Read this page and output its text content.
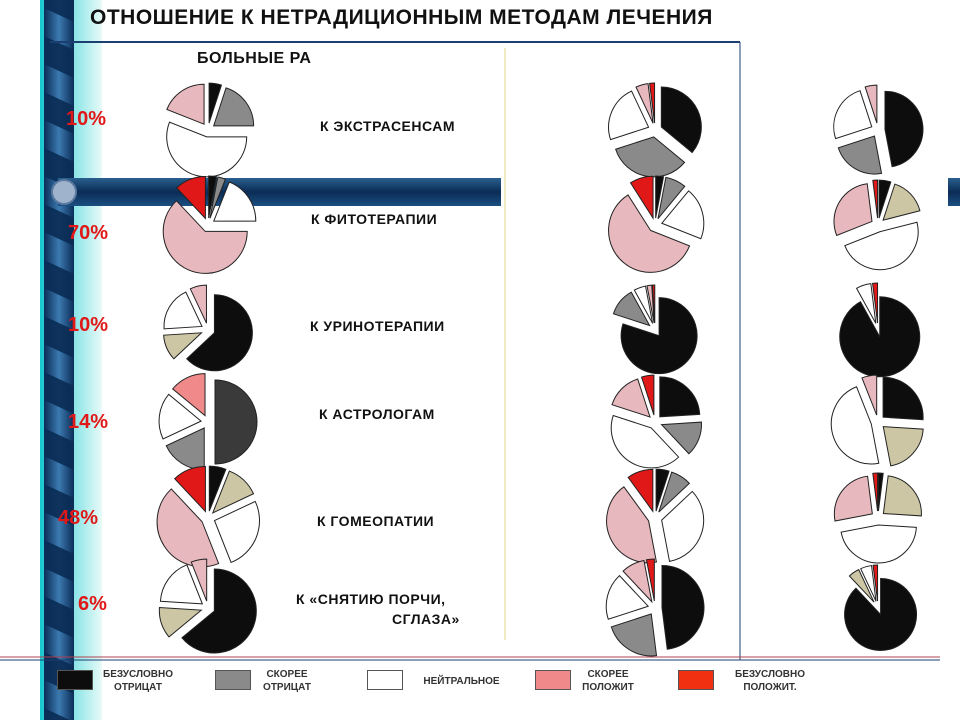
ОТНОШЕНИЕ К НЕТРАДИЦИОННЫМ МЕТОДАМ ЛЕЧЕНИЯ
БОЛЬНЫЕ РА
10%
70%
10%
14%
48%
6%
К ЭКСТРАСЕНСАМ
К ФИТОТЕРАПИИ
К УРИНОТЕРАПИИ
К АСТРОЛОГАМ
К ГОМЕОПАТИИ
К «СНЯТИЮ ПОРЧИ,
СГЛАЗА»
БЕЗУСЛОВНО
ОТРИЦАТ
СКОРЕЕ
ОТРИЦАТ
НЕЙТРАЛЬНОЕ
СКОРЕЕ
ПОЛОЖИТ
БЕЗУСЛОВНО
ПОЛОЖИТ.
